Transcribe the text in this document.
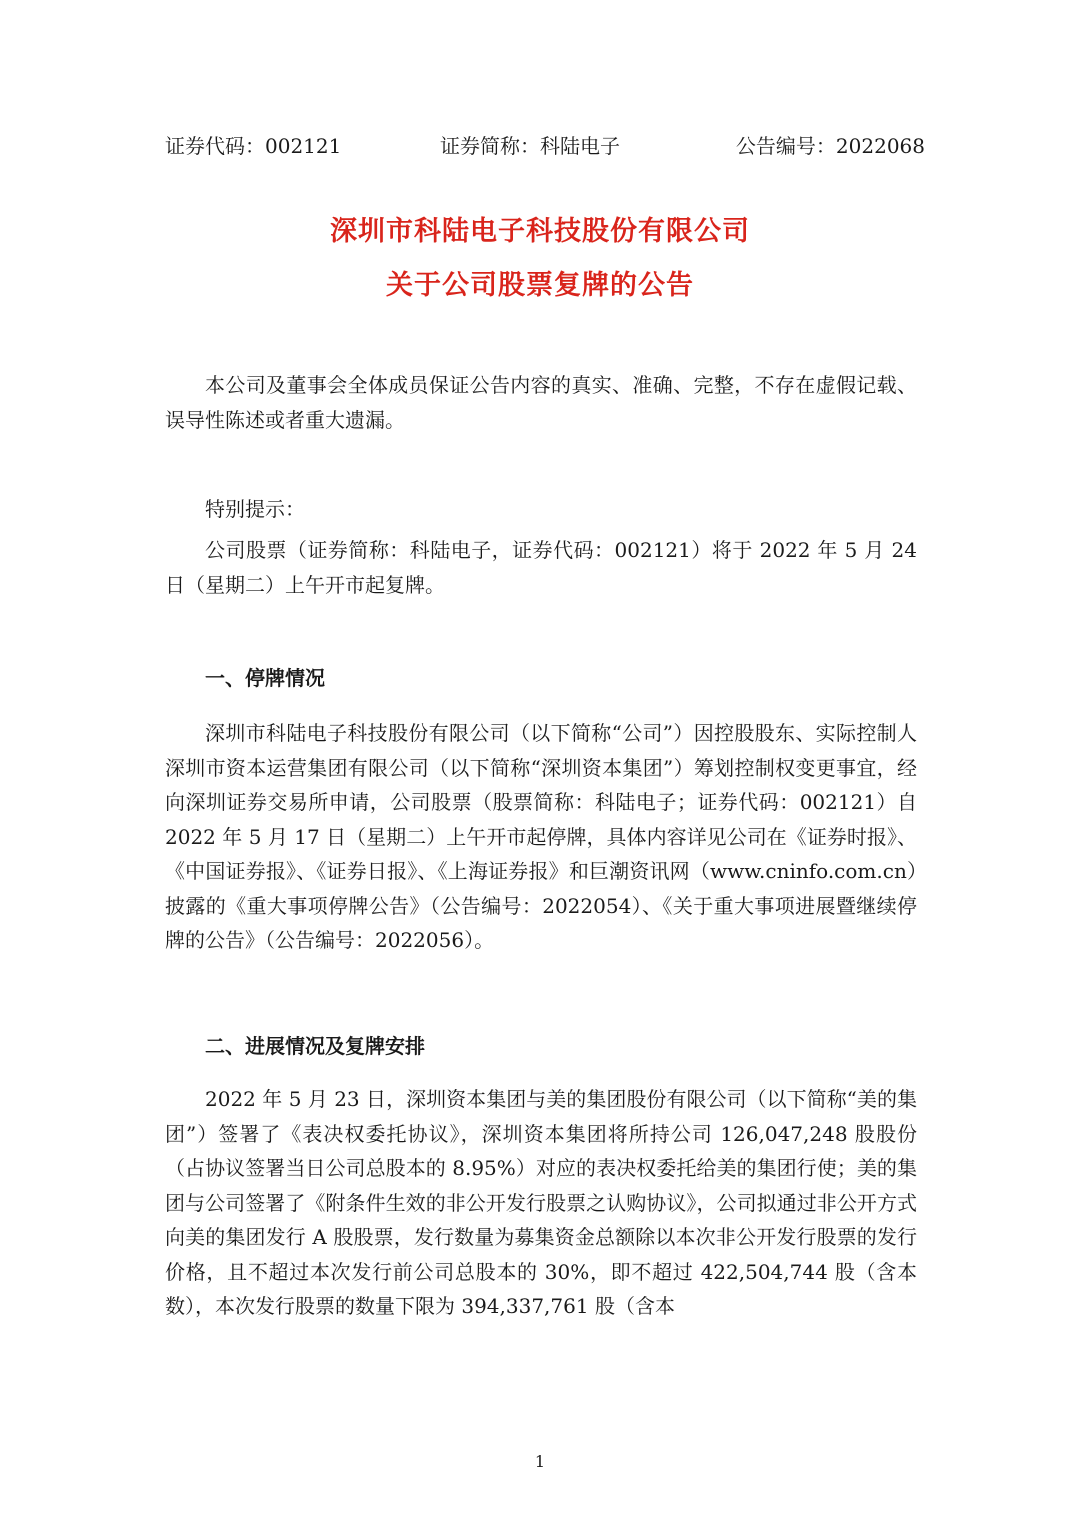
证券代码：002121	证券简称：科陆电子	公告编号：2022068
深圳市科陆电子科技股份有限公司
关于公司股票复牌的公告

本公司及董事会全体成员保证公告内容的真实、准确、完整，不存在虚假记载、误导性陈述或者重大遗漏。

特别提示：

公司股票（证券简称：科陆电子，证券代码：002121）将于 2022 年 5 月 24 日（星期二）上午开市起复牌。

一、停牌情况

深圳市科陆电子科技股份有限公司（以下简称“公司”）因控股股东、实际控制人深圳市资本运营集团有限公司（以下简称“深圳资本集团”）筹划控制权变更事宜，经向深圳证券交易所申请，公司股票（股票简称：科陆电子；证券代码：002121）自 2022 年 5 月 17 日（星期二）上午开市起停牌，具体内容详见公司在《证券时报》、《中国证券报》、《证券日报》、《上海证券报》和巨潮资讯网（www.cninfo.com.cn）披露的《重大事项停牌公告》（公告编号：2022054）、《关于重大事项进展暨继续停牌的公告》（公告编号：2022056）。

二、进展情况及复牌安排

2022 年 5 月 23 日，深圳资本集团与美的集团股份有限公司（以下简称“美的集团”）签署了《表决权委托协议》，深圳资本集团将所持公司 126,047,248 股股份（占协议签署当日公司总股本的 8.95%）对应的表决权委托给美的集团行使；美的集团与公司签署了《附条件生效的非公开发行股票之认购协议》，公司拟通过非公开方式向美的集团发行 A 股股票，发行数量为募集资金总额除以本次非公开发行股票的发行价格，且不超过本次发行前公司总股本的 30%，即不超过 422,504,744 股（含本数），本次发行股票的数量下限为 394,337,761 股（含本

1
